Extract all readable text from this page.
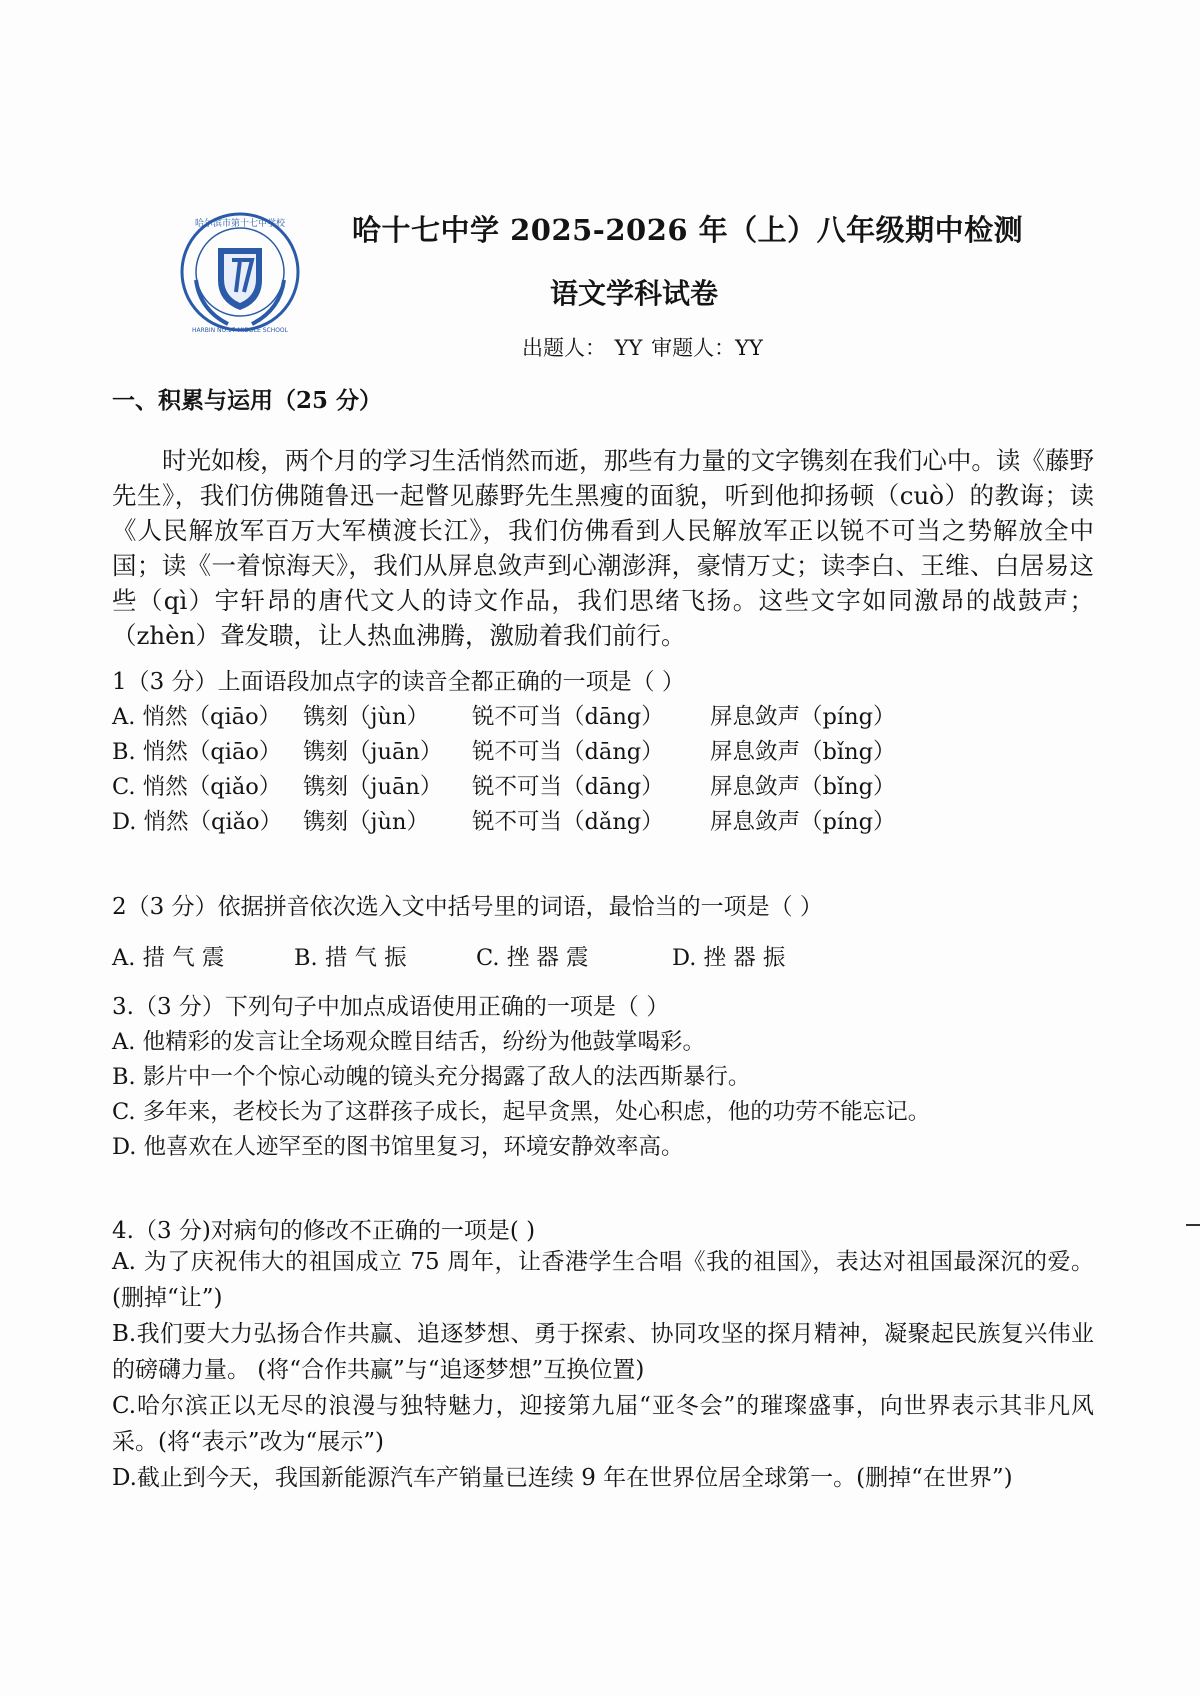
哈尔滨市第十七中学校
HARBIN NO.17 MIDDLE SCHOOL
哈十七中学 2025-2026 年（上）八年级期中检测
语文学科试卷
出题人： YY 审题人：YY
一、积累与运用（25 分）
时光如梭，两个月的学习生活悄然而逝，那些有力量的文字镌刻在我们心中。读《藤野先生》，我们仿佛随鲁迅一起瞥见藤野先生黑瘦的面貌，听到他抑扬顿（cuò）的教诲；读《人民解放军百万大军横渡长江》，我们仿佛看到人民解放军正以锐不可当之势解放全中国；读《一着惊海天》，我们从屏息敛声到心潮澎湃，豪情万丈；读李白、王维、白居易这些（qì）宇轩昂的唐代文人的诗文作品，我们思绪飞扬。这些文字如同激昂的战鼓声；（zhèn）聋发聩，让人热血沸腾，激励着我们前行。
1（3 分）上面语段加点字的读音全都正确的一项是（ ）
A. 悄然（qiāo） 镌刻（jùn） 锐不可当（dāng） 屏息敛声（píng）
B. 悄然（qiāo） 镌刻（juān） 锐不可当（dāng） 屏息敛声（bǐng）
C. 悄然（qiǎo） 镌刻（juān） 锐不可当（dāng） 屏息敛声（bǐng）
D. 悄然（qiǎo） 镌刻（jùn） 锐不可当（dǎng） 屏息敛声（píng）
2（3 分）依据拼音依次选入文中括号里的词语，最恰当的一项是（ ）
A. 措 气 震	B. 措 气 振	C. 挫 器 震	D. 挫 器 振
3.（3 分）下列句子中加点成语使用正确的一项是（ ）
A. 他精彩的发言让全场观众瞠目结舌，纷纷为他鼓掌喝彩。
B. 影片中一个个惊心动魄的镜头充分揭露了敌人的法西斯暴行。
C. 多年来，老校长为了这群孩子成长，起早贪黑，处心积虑，他的功劳不能忘记。
D. 他喜欢在人迹罕至的图书馆里复习，环境安静效率高。
4.（3 分)对病句的修改不正确的一项是( )
A. 为了庆祝伟大的祖国成立 75 周年，让香港学生合唱《我的祖国》，表达对祖国最深沉的爱。(删掉“让”)
B.我们要大力弘扬合作共赢、追逐梦想、勇于探索、协同攻坚的探月精神，凝聚起民族复兴伟业的磅礴力量。 (将“合作共赢”与“追逐梦想”互换位置)
C.哈尔滨正以无尽的浪漫与独特魅力，迎接第九届“亚冬会”的璀璨盛事，向世界表示其非凡风采。(将“表示”改为“展示”)
D.截止到今天，我国新能源汽车产销量已连续 9 年在世界位居全球第一。(删掉“在世界”)
